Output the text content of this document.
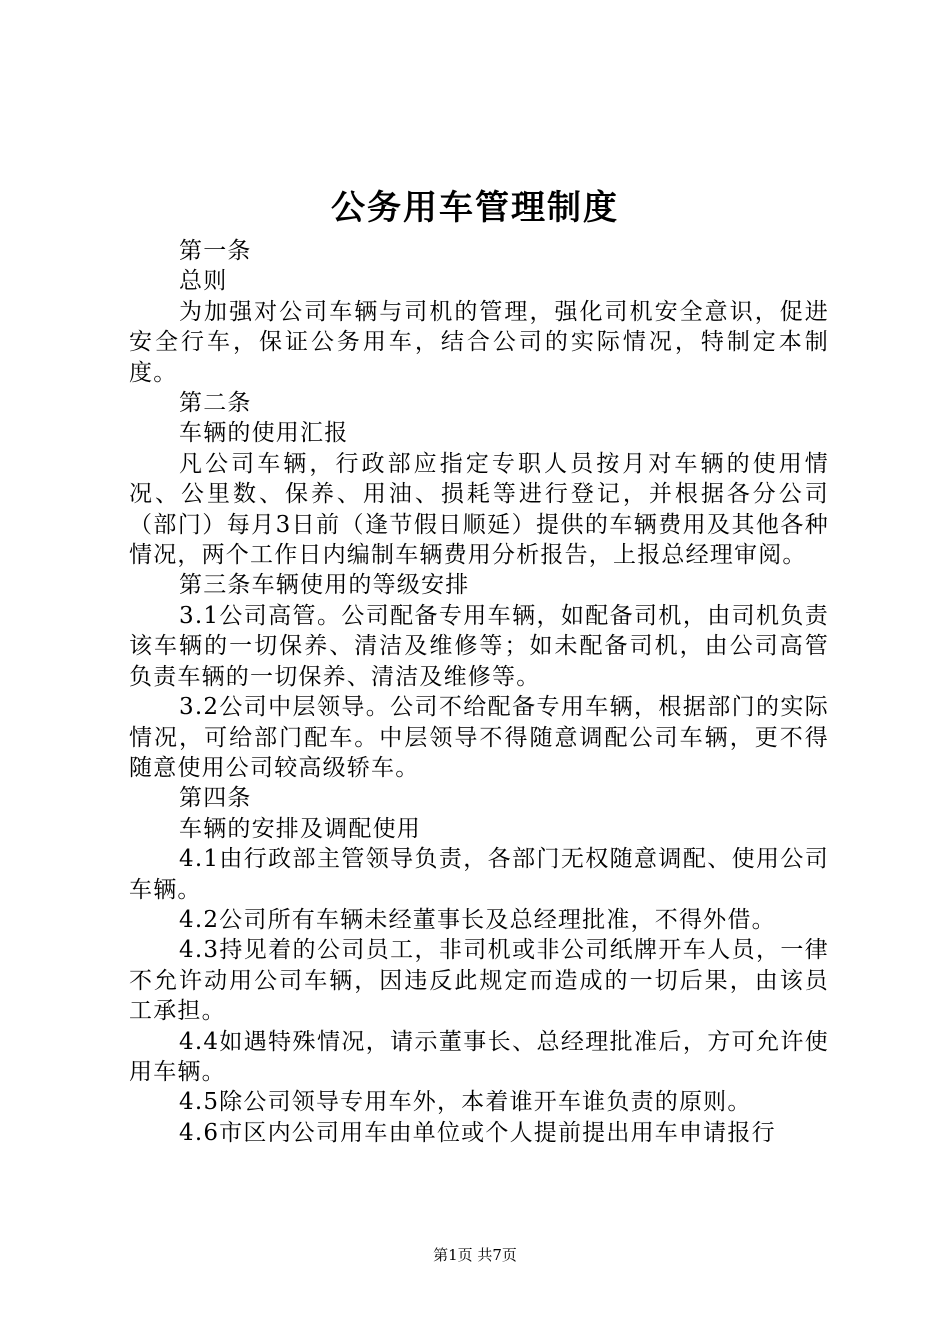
公务用车管理制度

第一条

总则

为加强对公司车辆与司机的管理，强化司机安全意识，促进安全行车，保证公务用车，结合公司的实际情况，特制定本制度。

第二条

车辆的使用汇报

凡公司车辆，行政部应指定专职人员按月对车辆的使用情况、公里数、保养、用油、损耗等进行登记，并根据各分公司（部门）每月3日前（逢节假日顺延）提供的车辆费用及其他各种情况，两个工作日内编制车辆费用分析报告，上报总经理审阅。

第三条车辆使用的等级安排

3.1公司高管。公司配备专用车辆，如配备司机，由司机负责该车辆的一切保养、清洁及维修等；如未配备司机，由公司高管负责车辆的一切保养、清洁及维修等。

3.2公司中层领导。公司不给配备专用车辆，根据部门的实际情况，可给部门配车。中层领导不得随意调配公司车辆，更不得随意使用公司较高级轿车。

第四条

车辆的安排及调配使用

4.1由行政部主管领导负责，各部门无权随意调配、使用公司车辆。

4.2公司所有车辆未经董事长及总经理批准，不得外借。

4.3持见着的公司员工，非司机或非公司纸牌开车人员，一律不允许动用公司车辆，因违反此规定而造成的一切后果，由该员工承担。

4.4如遇特殊情况，请示董事长、总经理批准后，方可允许使用车辆。

4.5除公司领导专用车外，本着谁开车谁负责的原则。

4.6市区内公司用车由单位或个人提前提出用车申请报行

第1页 共7页
